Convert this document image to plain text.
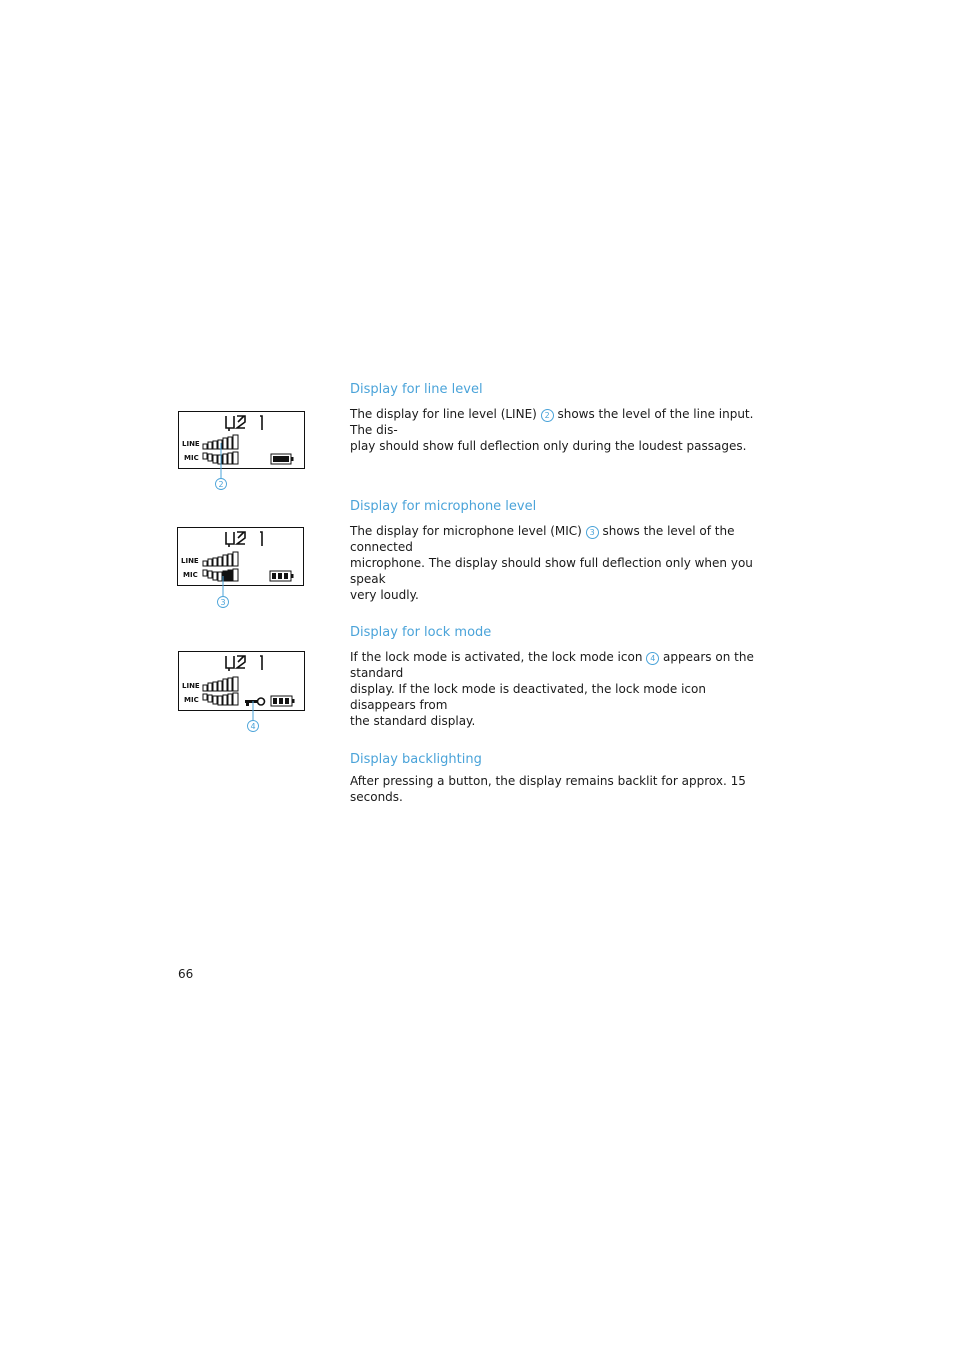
Display for line level

The display for line level (LINE) 2 shows the level of the line input. The dis-
play should show full deflection only during the loudest passages.

LINE
MIC
2
Display for microphone level

The display for microphone level (MIC) 3 shows the level of the connected
microphone. The display should show full deflection only when you speak
very loudly.

LINE
MIC
3
Display for lock mode

If the lock mode is activated, the lock mode icon 4 appears on the standard
display. If the lock mode is deactivated, the lock mode icon disappears from
the standard display.

LINE
MIC
4
Display backlighting

After pressing a button, the display remains backlit for approx. 15 seconds.

66
